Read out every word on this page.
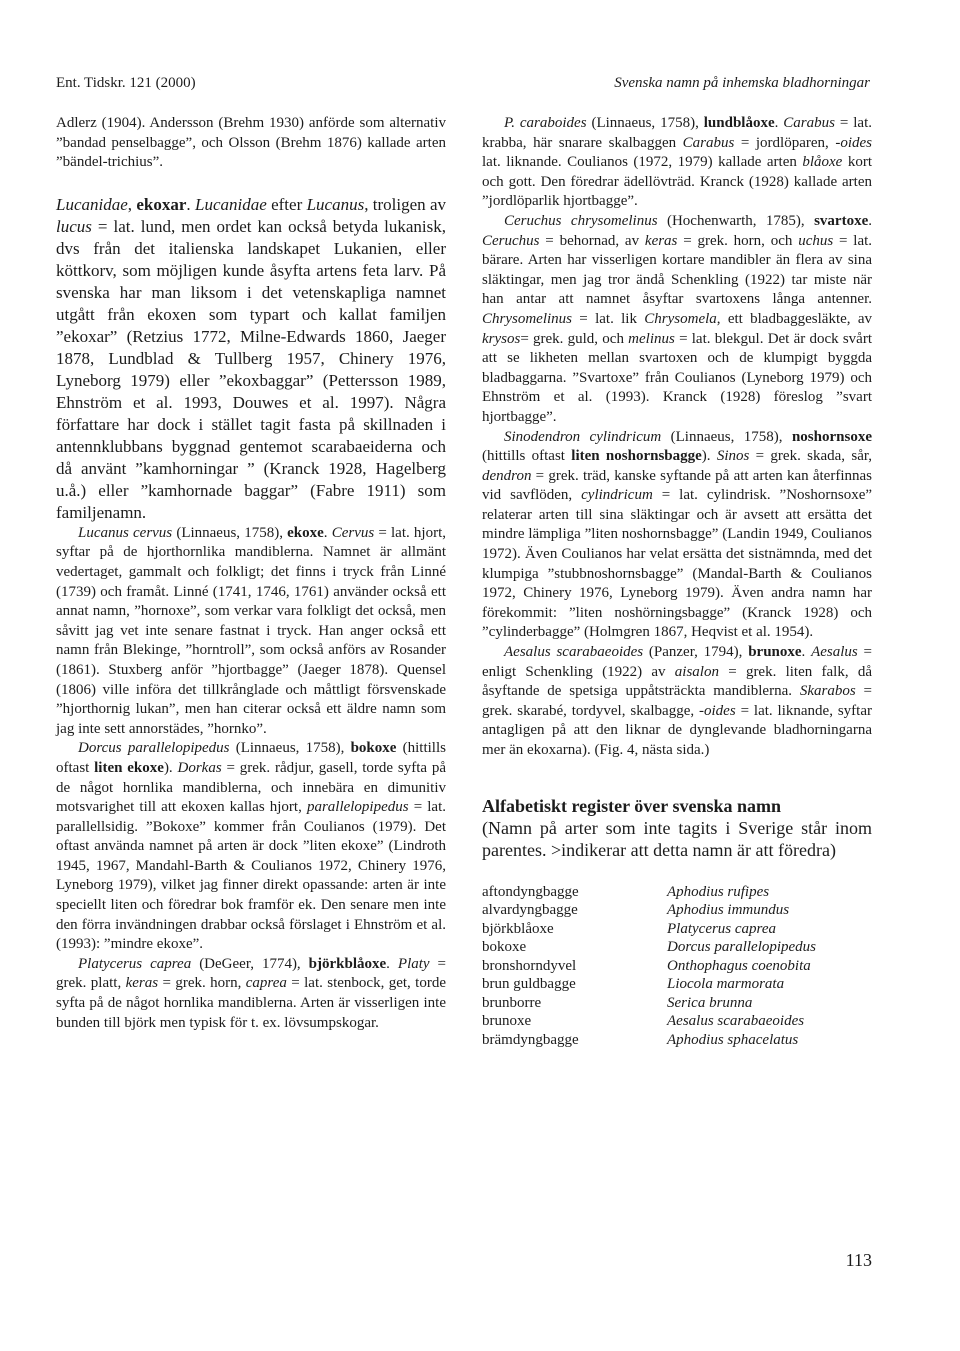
Ent. Tidskr. 121 (2000)	Svenska namn på inhemska bladhorningar

Adlerz (1904). Andersson (Brehm 1930) anförde som alternativ ”bandad penselbagge”, och Olsson (Brehm 1876) kallade arten ”bändel-trichius”.

Lucanidae, ekoxar. Lucanidae efter Lucanus, troligen av lucus = lat. lund, men ordet kan också betyda lukanisk, dvs från det italienska landskapet Lukanien, eller köttkorv, som möjligen kunde åsyfta artens feta larv. På svenska har man liksom i det vetenskapliga namnet utgått från ekoxen som typart och kallat familjen ”ekoxar” (Retzius 1772, Milne-Edwards 1860, Jaeger 1878, Lundblad & Tullberg 1957, Chinery 1976, Lyneborg 1979) eller ”ekoxbaggar” (Pettersson 1989, Ehnström et al. 1993, Douwes et al. 1997). Några författare har dock i stället tagit fasta på skillnaden i antennklubbans byggnad gentemot scarabaeiderna och då använt ”kamhorningar ” (Kranck 1928, Hagelberg u.å.) eller ”kamhornade baggar” (Fabre 1911) som familjenamn.

Lucanus cervus (Linnaeus, 1758), ekoxe. Cervus = lat. hjort, syftar på de hjorthornlika mandiblerna. Namnet är allmänt vedertaget, gammalt och folkligt; det finns i tryck från Linné (1739) och framåt. Linné (1741, 1746, 1761) använder också ett annat namn, ”hornoxe”, som verkar vara folkligt det också, men såvitt jag vet inte senare fastnat i tryck. Han anger också ett namn från Blekinge, ”horntroll”, som också anförs av Rosander (1861). Stuxberg anför ”hjortbagge” (Jaeger 1878). Quensel (1806) ville införa det tillkrånglade och måttligt försvenskade ”hjorthornig lukan”, men han citerar också ett äldre namn som jag inte sett annorstädes, ”hornko”.

Dorcus parallelopipedus (Linnaeus, 1758), bokoxe (hittills oftast liten ekoxe). Dorkas = grek. rådjur, gasell, torde syfta på de något hornlika mandiblerna, och innebära en dimunitiv motsvarighet till att ekoxen kallas hjort, parallelopipedus = lat. parallellsidig. ”Bokoxe” kommer från Coulianos (1979). Det oftast använda namnet på arten är dock ”liten ekoxe” (Lindroth 1945, 1967, Mandahl-Barth & Coulianos 1972, Chinery 1976, Lyneborg 1979), vilket jag finner direkt opassande: arten är inte speciellt liten och föredrar bok framför ek. Den senare men inte den förra invändningen drabbar också förslaget i Ehnström et al. (1993): ”mindre ekoxe”.

Platycerus caprea (DeGeer, 1774), björkblåoxe. Platy = grek. platt, keras = grek. horn, caprea = lat. stenbock, get, torde syfta på de något hornlika mandiblerna. Arten är visserligen inte bunden till björk men typisk för t. ex. lövsumpskogar.

P. caraboides (Linnaeus, 1758), lundblåoxe. Carabus = lat. krabba, här snarare skalbaggen Carabus = jordlöparen, -oides lat. liknande. Coulianos (1972, 1979) kallade arten blåoxe kort och gott. Den föredrar ädellövträd. Kranck (1928) kallade arten ”jordlöparlik hjortbagge”.

Ceruchus chrysomelinus (Hochenwarth, 1785), svartoxe. Ceruchus = behornad, av keras = grek. horn, och uchus = lat. bärare. Arten har visserligen kortare mandibler än flera av sina släktingar, men jag tror ändå Schenkling (1922) tar miste när han antar att namnet åsyftar svartoxens långa antenner. Chrysomelinus = lat. lik Chrysomela, ett bladbaggesläkte, av krysos= grek. guld, och melinus = lat. blekgul. Det är dock svårt att se likheten mellan svartoxen och de klumpigt byggda bladbaggarna. ”Svartoxe” från Coulianos (Lyneborg 1979) och Ehnström et al. (1993). Kranck (1928) föreslog ”svart hjortbagge”.

Sinodendron cylindricum (Linnaeus, 1758), noshornsoxe (hittills oftast liten noshornsbagge). Sinos = grek. skada, sår, dendron = grek. träd, kanske syftande på att arten kan återfinnas vid savflöden, cylindricum = lat. cylindrisk. ”Noshornsoxe” relaterar arten till sina släktingar och är avsett att ersätta det mindre lämpliga ”liten noshornsbagge” (Landin 1949, Coulianos 1972). Även Coulianos har velat ersätta det sistnämnda, med det klumpiga ”stubbnoshornsbagge” (Mandal-Barth & Coulianos 1972, Chinery 1976, Lyneborg 1979). Även andra namn har förekommit: ”liten noshörningsbagge” (Kranck 1928) och ”cylinderbagge” (Holmgren 1867, Heqvist et al. 1954).

Aesalus scarabaeoides (Panzer, 1794), brunoxe. Aesalus = enligt Schenkling (1922) av aisalon = grek. liten falk, då åsyftande de spetsiga uppåtsträckta mandiblerna. Skarabos = grek. skarabé, tordyvel, skalbagge, -oides = lat. liknande, syftar antagligen på att den liknar de dynglevande bladhorningarna mer än ekoxarna). (Fig. 4, nästa sida.)

Alfabetiskt register över svenska namn

(Namn på arter som inte tagits i Sverige står inom parentes. >indikerar att detta namn är att föredra)

aftondyngbagge	Aphodius rufipes
alvardyngbagge	Aphodius immundus
björkblåoxe	Platycerus caprea
bokoxe	Dorcus parallelopipedus
bronshorndyvel	Onthophagus coenobita
brun guldbagge	Liocola marmorata
brunborre	Serica brunna
brunoxe	Aesalus scarabaeoides
brämdyngbagge	Aphodius sphacelatus
113
